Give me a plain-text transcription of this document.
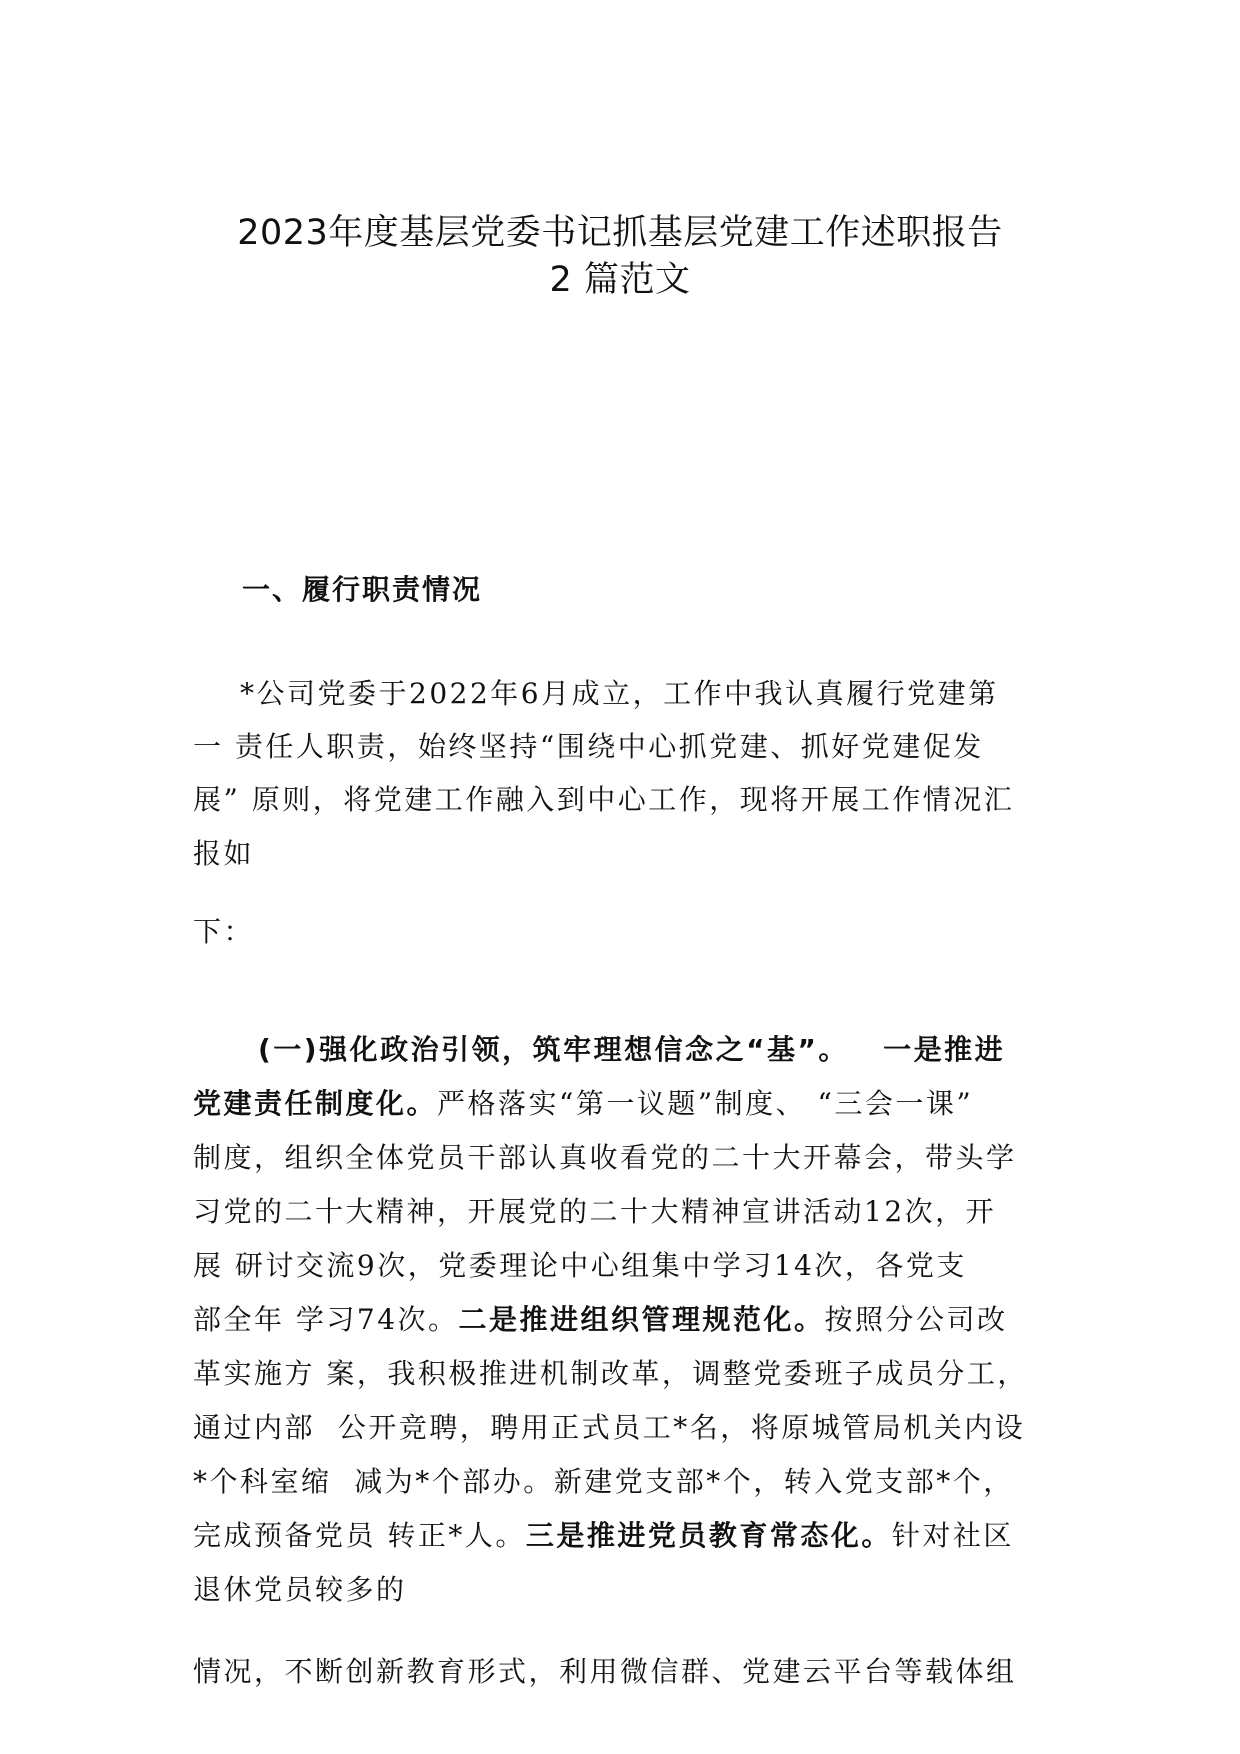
2023年度基层党委书记抓基层党建工作述职报告
2 篇范文
一、履行职责情况
*公司党委于2022年6月成立，工作中我认真履行党建第
一 责任人职责，始终坚持“围绕中心抓党建、抓好党建促发
展” 原则，将党建工作融入到中心工作，现将开展工作情况汇
报如
下：
(一)强化政治引领，筑牢理想信念之“基”。 一是推进
党建责任制度化。严格落实“第一议题”制度、 “三会一课”
制度，组织全体党员干部认真收看党的二十大开幕会，带头学
习党的二十大精神，开展党的二十大精神宣讲活动12次，开
展 研讨交流9次，党委理论中心组集中学习14次，各党支
部全年 学习74次。二是推进组织管理规范化。按照分公司改
革实施方 案，我积极推进机制改革，调整党委班子成员分工，
通过内部  公开竞聘，聘用正式员工*名，将原城管局机关内设
*个科室缩  减为*个部办。新建党支部*个，转入党支部*个，
完成预备党员 转正*人。三是推进党员教育常态化。针对社区
退休党员较多的
情况，不断创新教育形式，利用微信群、党建云平台等载体组
